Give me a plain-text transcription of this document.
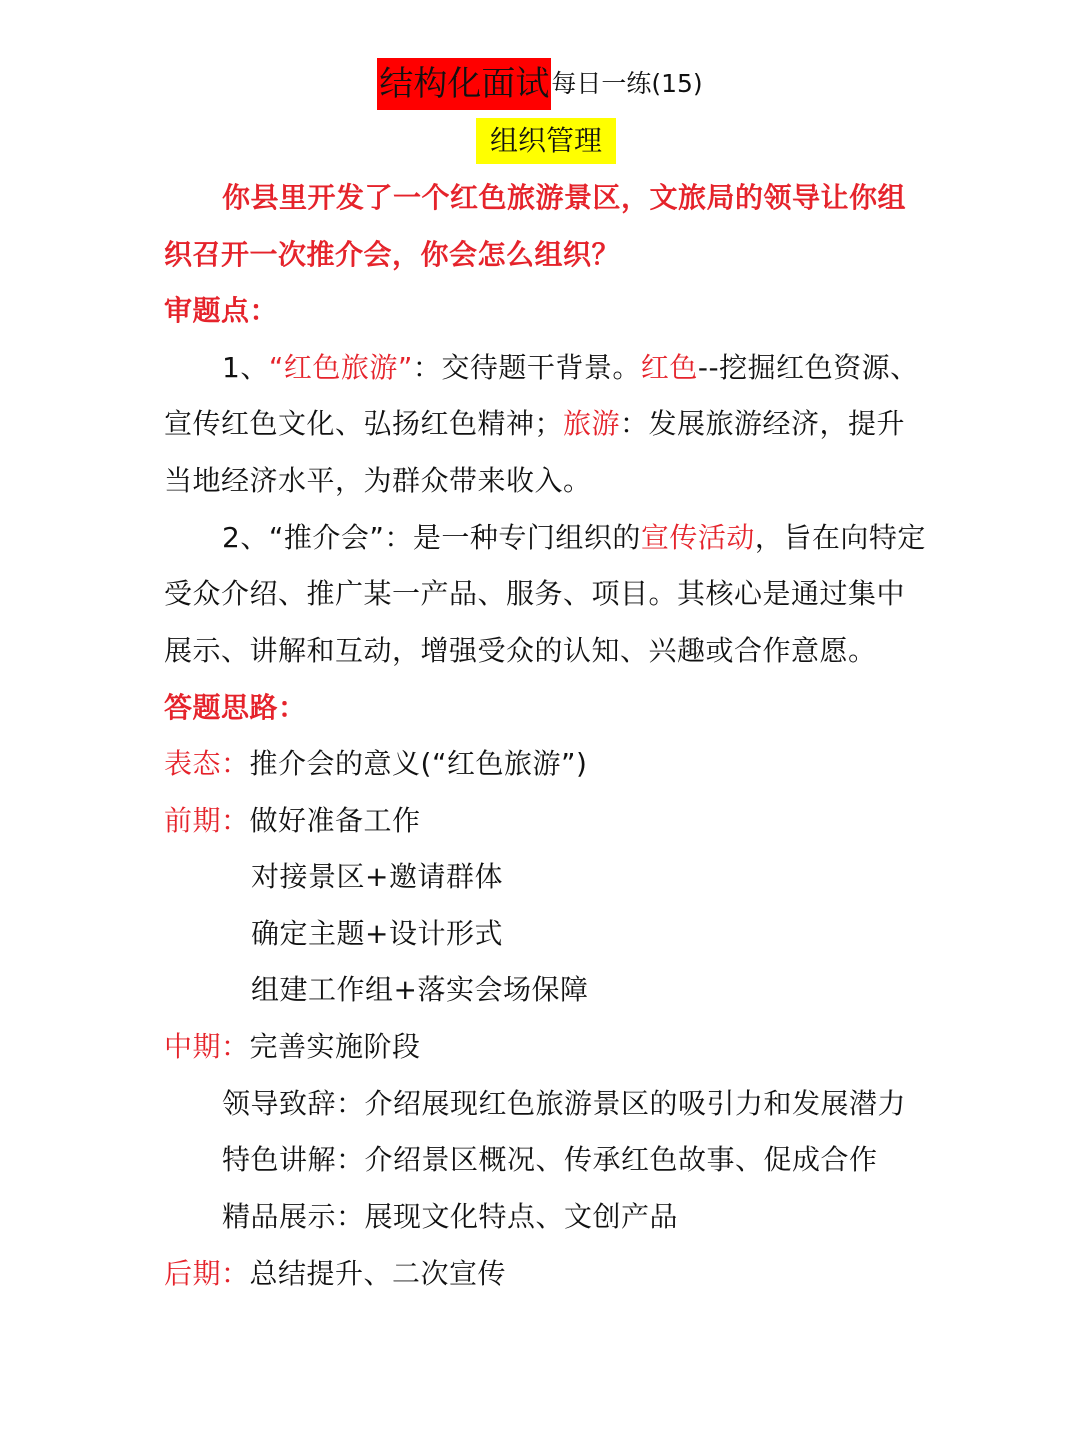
结构化面试每日一练(15)
组织管理
你县里开发了一个红色旅游景区，文旅局的领导让你组
织召开一次推介会，你会怎么组织？
审题点：
1、“红色旅游”：交待题干背景。红色--挖掘红色资源、
宣传红色文化、弘扬红色精神；旅游：发展旅游经济，提升
当地经济水平，为群众带来收入。
2、“推介会”：是一种专门组织的宣传活动，旨在向特定
受众介绍、推广某一产品、服务、项目。其核心是通过集中
展示、讲解和互动，增强受众的认知、兴趣或合作意愿。
答题思路：
表态：推介会的意义(“红色旅游”)
前期：做好准备工作
对接景区+邀请群体
确定主题+设计形式
组建工作组+落实会场保障
中期：完善实施阶段
领导致辞：介绍展现红色旅游景区的吸引力和发展潜力
特色讲解：介绍景区概况、传承红色故事、促成合作
精品展示：展现文化特点、文创产品
后期：总结提升、二次宣传
